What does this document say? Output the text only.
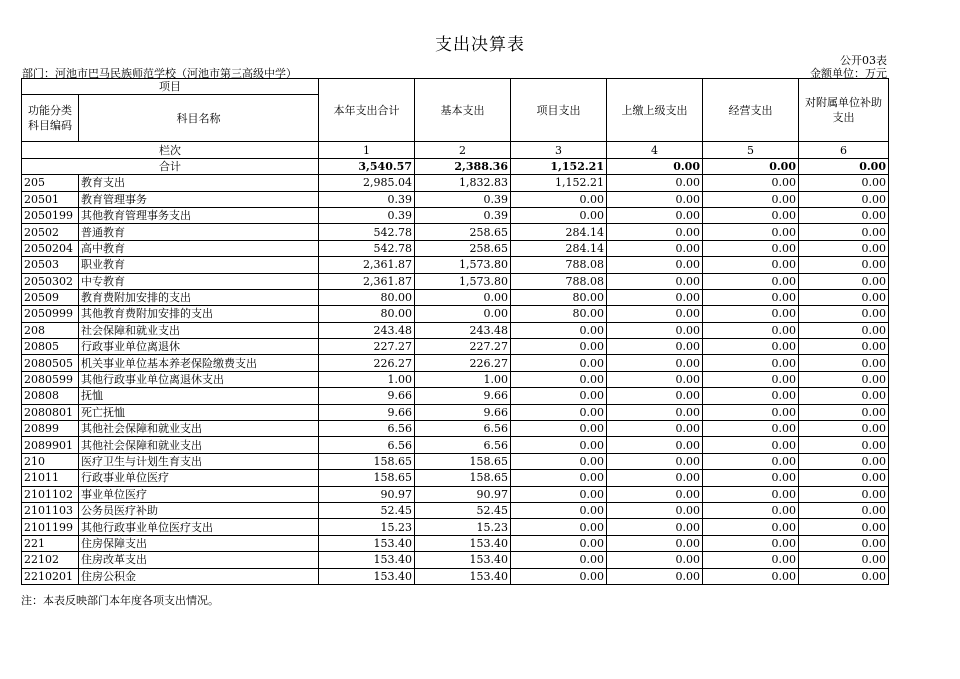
支出决算表
公开03表
部门：河池市巴马民族师范学校（河池市第三高级中学）	金额单位：万元
项目		本年支出合计	基本支出	项目支出	上缴上级支出	经营支出	对附属单位补助支出
功能分类科目编码	科目名称						

栏次		1	2	3	4	5	6
合计		3,540.57	2,388.36	1,152.21	0.00	0.00	0.00
205	教育支出	2,985.04	1,832.83	1,152.21	0.00	0.00	0.00
20501	教育管理事务	0.39	0.39	0.00	0.00	0.00	0.00
2050199	其他教育管理事务支出	0.39	0.39	0.00	0.00	0.00	0.00
20502	普通教育	542.78	258.65	284.14	0.00	0.00	0.00
2050204	高中教育	542.78	258.65	284.14	0.00	0.00	0.00
20503	职业教育	2,361.87	1,573.80	788.08	0.00	0.00	0.00
2050302	中专教育	2,361.87	1,573.80	788.08	0.00	0.00	0.00
20509	教育费附加安排的支出	80.00	0.00	80.00	0.00	0.00	0.00
2050999	其他教育费附加安排的支出	80.00	0.00	80.00	0.00	0.00	0.00
208	社会保障和就业支出	243.48	243.48	0.00	0.00	0.00	0.00
20805	行政事业单位离退休	227.27	227.27	0.00	0.00	0.00	0.00
2080505	机关事业单位基本养老保险缴费支出	226.27	226.27	0.00	0.00	0.00	0.00
2080599	其他行政事业单位离退休支出	1.00	1.00	0.00	0.00	0.00	0.00
20808	抚恤	9.66	9.66	0.00	0.00	0.00	0.00
2080801	死亡抚恤	9.66	9.66	0.00	0.00	0.00	0.00
20899	其他社会保障和就业支出	6.56	6.56	0.00	0.00	0.00	0.00
2089901	其他社会保障和就业支出	6.56	6.56	0.00	0.00	0.00	0.00
210	医疗卫生与计划生育支出	158.65	158.65	0.00	0.00	0.00	0.00
21011	行政事业单位医疗	158.65	158.65	0.00	0.00	0.00	0.00
2101102	事业单位医疗	90.97	90.97	0.00	0.00	0.00	0.00
2101103	公务员医疗补助	52.45	52.45	0.00	0.00	0.00	0.00
2101199	其他行政事业单位医疗支出	15.23	15.23	0.00	0.00	0.00	0.00
221	住房保障支出	153.40	153.40	0.00	0.00	0.00	0.00
22102	住房改革支出	153.40	153.40	0.00	0.00	0.00	0.00
2210201	住房公积金	153.40	153.40	0.00	0.00	0.00	0.00
注：本表反映部门本年度各项支出情况。
